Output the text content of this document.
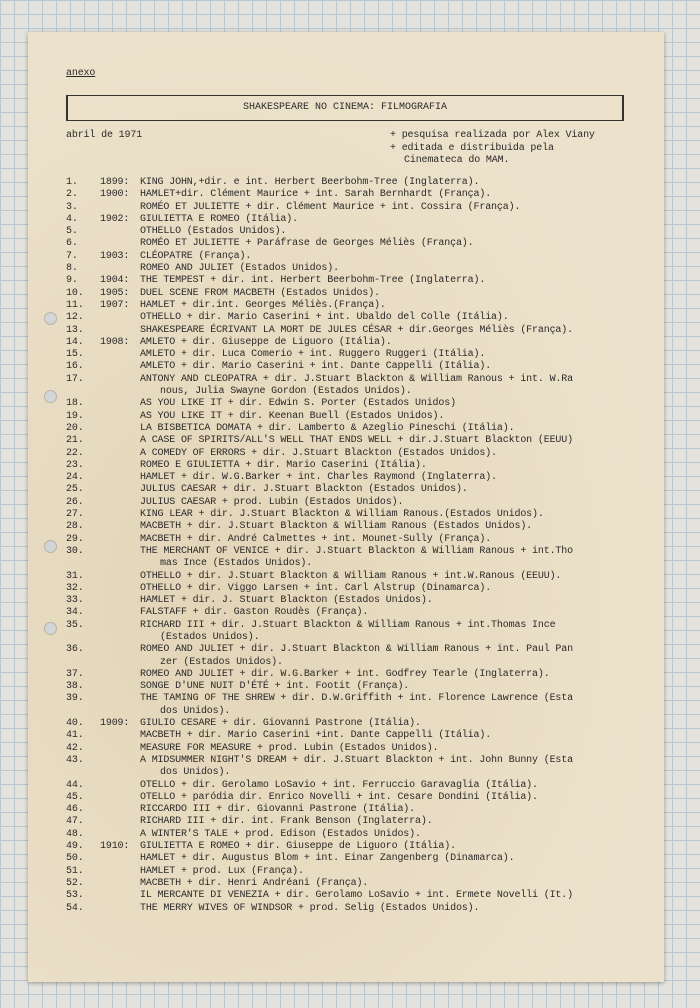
anexo
SHAKESPEARE NO CINEMA: FILMOGRAFIA
abril de 1971	+ pesquisa realizada por Alex Viany
+ editada e distribuida pela
Cinemateca do MAM.
1.	1899:	KING JOHN,+dir. e int. Herbert Beerbohm-Tree (Inglaterra).
2.	1900:	HAMLET+dir. Clément Maurice + int. Sarah Bernhardt (França).
3.	ROMÉO ET JULIETTE + dir. Clément Maurice + int. Cossira (França).
4.	1902:	GIULIETTA E ROMEO (Itália).
5.	OTHELLO (Estados Unidos).
6.	ROMÉO ET JULIETTE + Paráfrase de Georges Méliès (França).
7.	1903:	CLÉOPATRE (França).
8.	ROMEO AND JULIET (Estados Unidos).
9.	1904:	THE TEMPEST + dir. int. Herbert Beerbohm-Tree (Inglaterra).
10.	1905:	DUEL SCENE FROM MACBETH (Estados Unidos).
11.	1907:	HAMLET + dir.int. Georges Méliès.(França).
12.	OTHELLO + dir. Mario Caserini + int. Ubaldo del Colle (Itália).
13.	SHAKESPEARE ÉCRIVANT LA MORT DE JULES CÉSAR + dir.Georges Méliès (França).
14.	1908:	AMLETO + dir. Giuseppe de Liguoro (Itália).
15.	AMLETO + dir. Luca Comerio + int. Ruggero Ruggeri (Itália).
16.	AMLETO + dir. Mario Caserini + int. Dante Cappelli (Itália).
17.	ANTONY AND CLEOPATRA + dir. J.Stuart Blackton & William Ranous + int. W.Ra
nous, Julia Swayne Gordon (Estados Unidos).
18.	AS YOU LIKE IT + dir. Edwin S. Porter (Estados Unidos)
19.	AS YOU LIKE IT + dir. Keenan Buell (Estados Unidos).
20.	LA BISBETICA DOMATA + dir. Lamberto & Azeglio Pineschi (Itália).
21.	A CASE OF SPIRITS/ALL'S WELL THAT ENDS WELL + dir.J.Stuart Blackton (EEUU)
22.	A COMEDY OF ERRORS + dir. J.Stuart Blackton (Estados Unidos).
23.	ROMEO E GIULIETTA + dir. Mario Caserini (Itália).
24.	HAMLET + dir. W.G.Barker + int. Charles Raymond (Inglaterra).
25.	JULIUS CAESAR + dir. J.Stuart Blackton (Estados Unidos).
26.	JULIUS CAESAR + prod. Lubin (Estados Unidos).
27.	KING LEAR + dir. J.Stuart Blackton & William Ranous.(Estados Unidos).
28.	MACBETH + dir. J.Stuart Blackton & William Ranous (Estados Unidos).
29.	MACBETH + dir. André Calmettes + int. Mounet-Sully (França).
30.	THE MERCHANT OF VENICE + dir. J.Stuart Blackton & William Ranous + int.Tho
mas Ince (Estados Unidos).
31.	OTHELLO + dir. J.Stuart Blackton & William Ranous + int.W.Ranous (EEUU).
32.	OTHELLO + dir. Viggo Larsen + int. Carl Alstrup (Dinamarca).
33.	HAMLET + dir. J. Stuart Blackton (Estados Unidos).
34.	FALSTAFF + dir. Gaston Roudès (França).
35.	RICHARD III + dir. J.Stuart Blackton & William Ranous + int.Thomas Ince
(Estados Unidos).
36.	ROMEO AND JULIET + dir. J.Stuart Blackton & William Ranous + int. Paul Pan
zer (Estados Unidos).
37.	ROMEO AND JULIET + dir. W.G.Barker + int. Godfrey Tearle (Inglaterra).
38.	SONGE D'UNE NUIT D'ÉTÉ + int. Footit (França).
39.	THE TAMING OF THE SHREW + dir. D.W.Griffith + int. Florence Lawrence (Esta
dos Unidos).
40.	1909:	GIULIO CESARE + dir. Giovanni Pastrone (Itália).
41.	MACBETH + dir. Mario Caserini +int. Dante Cappelli (Itália).
42.	MEASURE FOR MEASURE + prod. Lubin (Estados Unidos).
43.	A MIDSUMMER NIGHT'S DREAM + dir. J.Stuart Blackton + int. John Bunny (Esta
dos Unidos).
44.	OTELLO + dir. Gerolamo LoSavio + int. Ferruccio Garavaglia (Itália).
45.	OTELLO + paródia dir. Enrico Novelli + int. Cesare Dondini (Itália).
46.	RICCARDO III + dir. Giovanni Pastrone (Itália).
47.	RICHARD III + dir. int. Frank Benson (Inglaterra).
48.	A WINTER'S TALE + prod. Edison (Estados Unidos).
49.	1910:	GIULIETTA E ROMEO + dir. Giuseppe de Liguoro (Itália).
50.	HAMLET + dir. Augustus Blom + int. Einar Zangenberg (Dinamarca).
51.	HAMLET + prod. Lux (França).
52.	MACBETH + dir. Henri Andréani (França).
53.	IL MERCANTE DI VENEZIA + dir. Gerolamo LoSavio + int. Ermete Novelli (It.)
54.	THE MERRY WIVES OF WINDSOR + prod. Selig (Estados Unidos).
